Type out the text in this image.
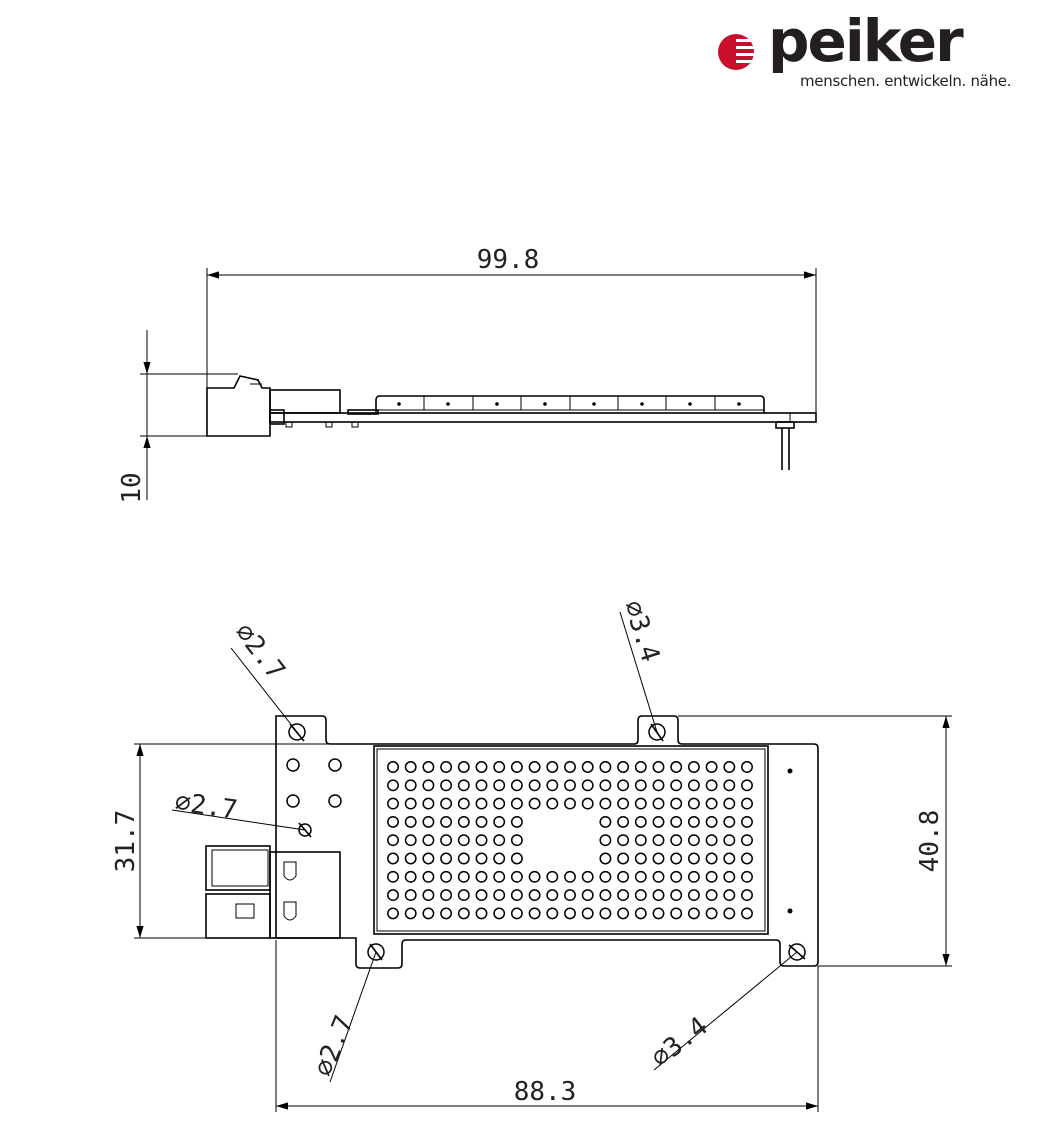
peiker
menschen. entwickeln. nähe.
99.8
10
⌀2.7	⌀3.4
⌀2.7
⌀2.7	⌀3.4
88.3
31.7	40.8
